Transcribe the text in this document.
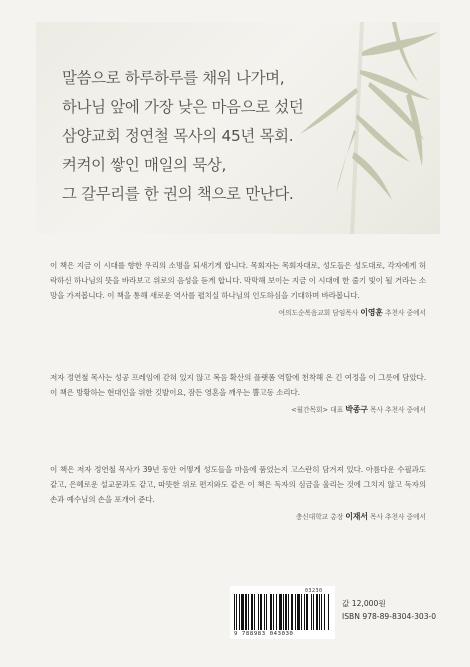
말씀으로 하루하루를 채워 나가며,
하나님 앞에 가장 낮은 마음으로 섰던
삼양교회 정연철 목사의 45년 목회.
켜켜이 쌓인 매일의 묵상,
그 갈무리를 한 권의 책으로 만난다.

이 책은 지금 이 시대를 향한 우리의 소명을 되새기게 합니다. 목회자는 목회자대로, 성도들은 성도대로, 각자에게 허락하신 하나님의 뜻을 바라보고 위로의 음성을 듣게 합니다. 막막해 보이는 지금 이 시대에 한 줄기 빛이 될 거라는 소망을 가져봅니다. 이 책을 통해 새로운 역사를 펼치실 하나님의 인도하심을 기대하며 바라봅니다.

여의도순복음교회 담임목사 이영훈 추천사 중에서

저자 정연철 목사는 성공 프레임에 갇혀 있지 않고 복음 확산의 플랫폼 역할에 천착해 온 긴 여정을 이 그릇에 담았다. 이 책은 방황하는 현대인을 위한 깃발이요, 잠든 영혼을 깨우는 뿔고동 소리다.

<월간목회> 대표 박종구 목사 추천사 중에서

이 책은 저자 정연철 목사가 39년 동안 어떻게 성도들을 마음에 품었는지 고스란히 담겨져 있다. 아름다운 수필과도 같고, 은혜로운 설교문과도 같고, 따뜻한 위로 편지와도 같은 이 책은 독자의 심금을 울리는 것에 그치지 않고 독자의 손과 예수님의 손을 포개어 준다.

충신대학교 총장 이재서 목사 추천사 중에서
03230
9 788983 043030
값 12,000원
ISBN 978-89-8304-303-0
